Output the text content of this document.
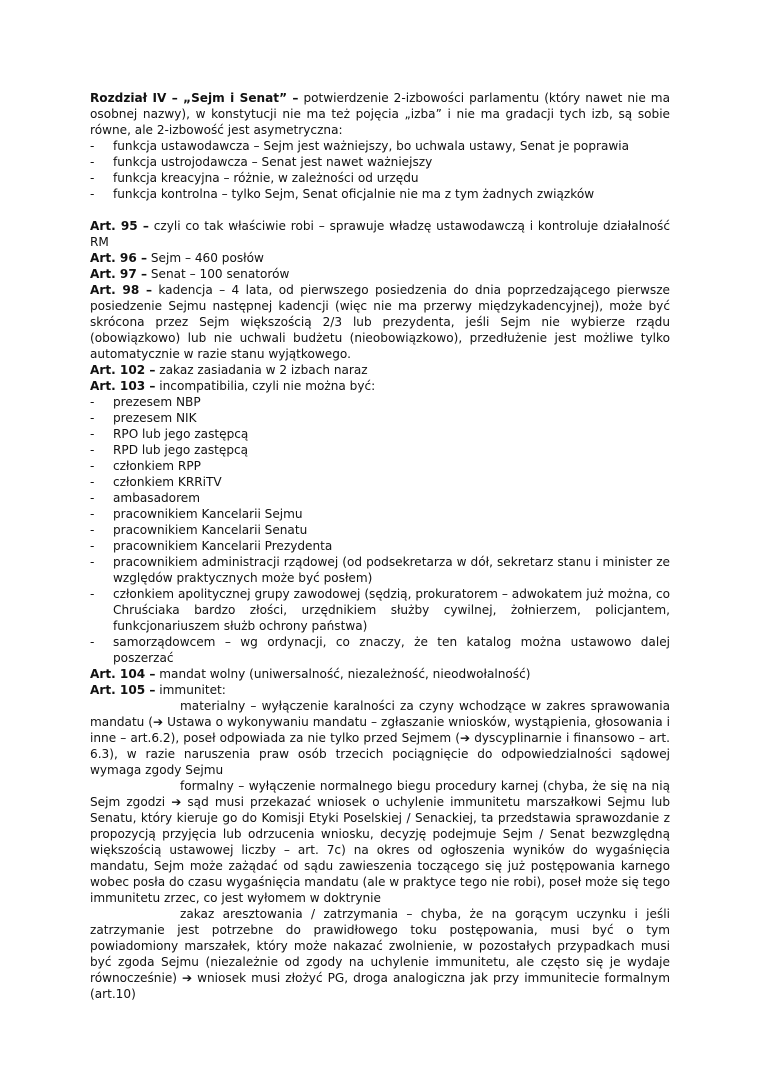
Rozdział IV – „Sejm i Senat” – potwierdzenie 2-izbowości parlamentu (który nawet nie ma osobnej nazwy), w konstytucji nie ma też pojęcia „izba” i nie ma gradacji tych izb, są sobie równe, ale 2-izbowość jest asymetryczna:

- funkcja ustawodawcza – Sejm jest ważniejszy, bo uchwala ustawy, Senat je poprawia
- funkcja ustrojodawcza – Senat jest nawet ważniejszy
- funkcja kreacyjna – różnie, w zależności od urzędu
- funkcja kontrolna – tylko Sejm, Senat oficjalnie nie ma z tym żadnych związków

Art. 95 – czyli co tak właściwie robi – sprawuje władzę ustawodawczą i kontroluje działalność RM

Art. 96 – Sejm – 460 posłów

Art. 97 – Senat – 100 senatorów

Art. 98 – kadencja – 4 lata, od pierwszego posiedzenia do dnia poprzedzającego pierwsze posiedzenie Sejmu następnej kadencji (więc nie ma przerwy międzykadencyjnej), może być skrócona przez Sejm większością 2/3 lub prezydenta, jeśli Sejm nie wybierze rządu (obowiązkowo) lub nie uchwali budżetu (nieobowiązkowo), przedłużenie jest możliwe tylko automatycznie w razie stanu wyjątkowego.

Art. 102 – zakaz zasiadania w 2 izbach naraz

Art. 103 – incompatibilia, czyli nie można być:

- prezesem NBP
- prezesem NIK
- RPO lub jego zastępcą
- RPD lub jego zastępcą
- członkiem RPP
- członkiem KRRiTV
- ambasadorem
- pracownikiem Kancelarii Sejmu
- pracownikiem Kancelarii Senatu
- pracownikiem Kancelarii Prezydenta
- pracownikiem administracji rządowej (od podsekretarza w dół, sekretarz stanu i minister ze względów praktycznych może być posłem)
- członkiem apolitycznej grupy zawodowej (sędzią, prokuratorem – adwokatem już można, co Chruściaka bardzo złości, urzędnikiem służby cywilnej, żołnierzem, policjantem, funkcjonariuszem służb ochrony państwa)
- samorządowcem – wg ordynacji, co znaczy, że ten katalog można ustawowo dalej poszerzać

Art. 104 – mandat wolny (uniwersalność, niezależność, nieodwołalność)

Art. 105 – immunitet:

materialny – wyłączenie karalności za czyny wchodzące w zakres sprawowania mandatu (➔ Ustawa o wykonywaniu mandatu – zgłaszanie wniosków, wystąpienia, głosowania i inne – art.6.2), poseł odpowiada za nie tylko przed Sejmem (➔ dyscyplinarnie i finansowo – art. 6.3), w razie naruszenia praw osób trzecich pociągnięcie do odpowiedzialności sądowej wymaga zgody Sejmu

formalny – wyłączenie normalnego biegu procedury karnej (chyba, że się na nią Sejm zgodzi ➔ sąd musi przekazać wniosek o uchylenie immunitetu marszałkowi Sejmu lub Senatu, który kieruje go do Komisji Etyki Poselskiej / Senackiej, ta przedstawia sprawozdanie z propozycją przyjęcia lub odrzucenia wniosku, decyzję podejmuje Sejm / Senat bezwzględną większością ustawowej liczby – art. 7c) na okres od ogłoszenia wyników do wygaśnięcia mandatu, Sejm może zażądać od sądu zawieszenia toczącego się już postępowania karnego wobec posła do czasu wygaśnięcia mandatu (ale w praktyce tego nie robi), poseł może się tego immunitetu zrzec, co jest wyłomem w doktrynie

zakaz aresztowania / zatrzymania – chyba, że na gorącym uczynku i jeśli zatrzymanie jest potrzebne do prawidłowego toku postępowania, musi być o tym powiadomiony marszałek, który może nakazać zwolnienie, w pozostałych przypadkach musi być zgoda Sejmu (niezależnie od zgody na uchylenie immunitetu, ale często się je wydaje równocześnie) ➔ wniosek musi złożyć PG, droga analogiczna jak przy immunitecie formalnym (art.10)
